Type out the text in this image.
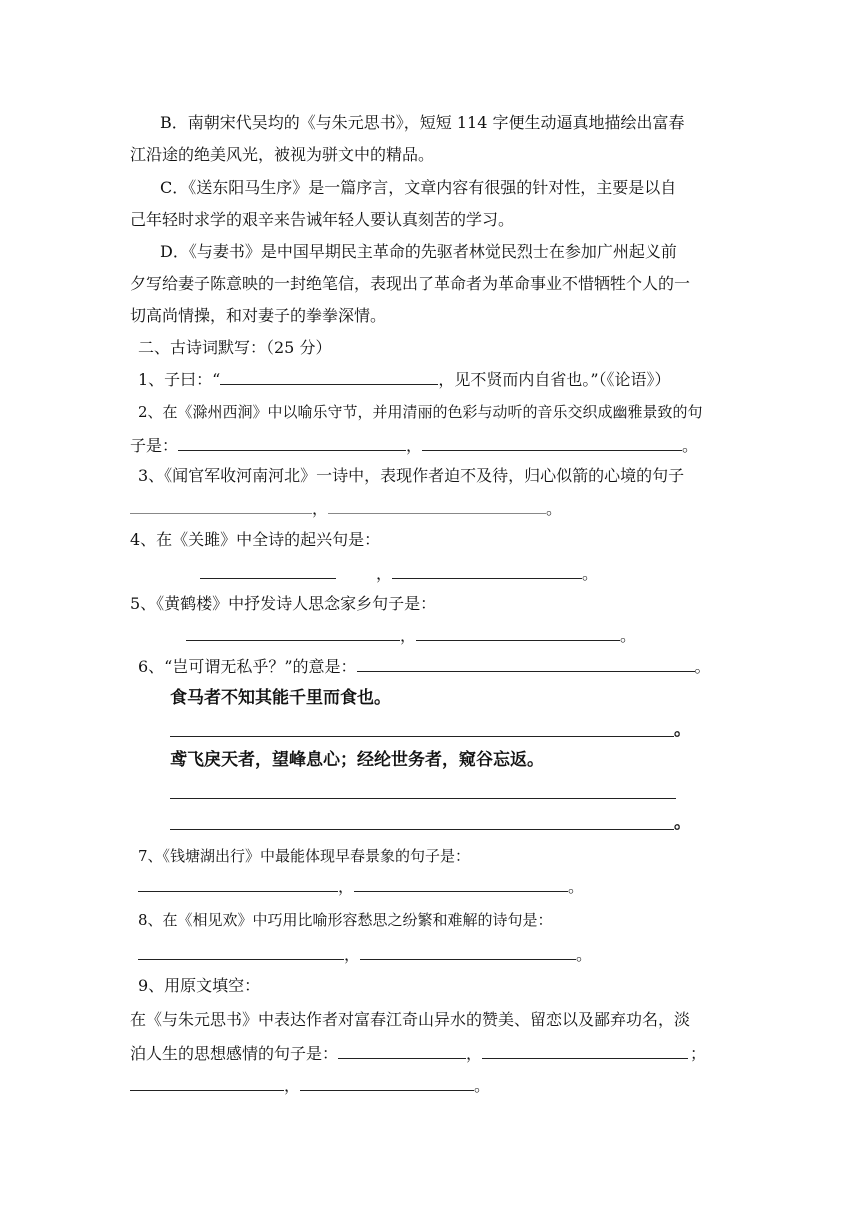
B．南朝宋代吴均的《与朱元思书》，短短 114 字便生动逼真地描绘出富春
江沿途的绝美风光，被视为骈文中的精品。
C．《送东阳马生序》是一篇序言，文章内容有很强的针对性，主要是以自
己年轻时求学的艰辛来告诫年轻人要认真刻苦的学习。
D．《与妻书》是中国早期民主革命的先驱者林觉民烈士在参加广州起义前
夕写给妻子陈意映的一封绝笔信，表现出了革命者为革命事业不惜牺牲个人的一
切高尚情操，和对妻子的拳拳深情。
二、古诗词默写：（25 分）
1、子曰：“	，见不贤而内自省也。”（《论语》）
2、在《滁州西涧》中以喻乐守节，并用清丽的色彩与动听的音乐交织成幽雅景致的句
子是：	，	。
3、《闻官军收河南河北》一诗中，表现作者迫不及待，归心似箭的心境的句子
，	。
4、在《关雎》中全诗的起兴句是：
，	。
5、《黄鹤楼》中抒发诗人思念家乡句子是：
，	。
6、“岂可谓无私乎？”的意是：	。
食马者不知其能千里而食也。
。
鸢飞戾天者，望峰息心；经纶世务者，窥谷忘返。
。
7、《钱塘湖出行》中最能体现早春景象的句子是：
，	。
8、在《相见欢》中巧用比喻形容愁思之纷繁和难解的诗句是：
，	。
9、用原文填空：
在《与朱元思书》中表达作者对富春江奇山异水的赞美、留恋以及鄙弃功名，淡
泊人生的思想感情的句子是：	，	；
，	。
